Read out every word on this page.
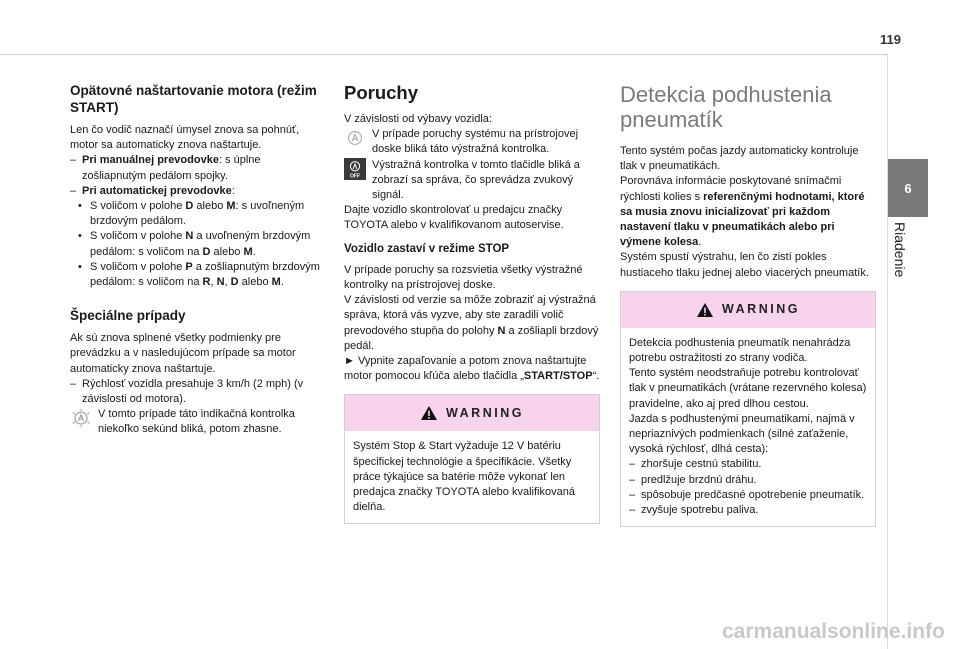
119
6
Riadenie
Opätovné naštartovanie motora (režim START)

Len čo vodič naznačí úmysel znova sa pohnúť, motor sa automaticky znova naštartuje.

– Pri manuálnej prevodovke: s úplne zošliapnutým pedálom spojky.
– Pri automatickej prevodovke:
• S voličom v polohe D alebo M: s uvoľneným brzdovým pedálom.
• S voličom v polohe N a uvoľneným brzdovým pedálom: s voličom na D alebo M.
• S voličom v polohe P a zošliapnutým brzdovým pedálom: s voličom na R, N, D alebo M.
Špeciálne prípady

Ak sú znova splnené všetky podmienky pre prevádzku a v nasledujúcom prípade sa motor automaticky znova naštartuje.

– Rýchlosť vozidla presahuje 3 km/h (2 mph) (v závislosti od motora).
V tomto prípade táto indikačná kontrolka niekoľko sekúnd bliká, potom zhasne.
Poruchy

V závislosti od výbavy vozidla:

V prípade poruchy systému na prístrojovej doske bliká táto výstražná kontrolka.
OFF
Výstražná kontrolka v tomto tlačidle bliká a zobrazí sa správa, čo sprevádza zvukový signál.

Dajte vozidlo skontrolovať u predajcu značky TOYOTA alebo v kvalifikovanom autoservise.

Vozidlo zastaví v režime STOP

V prípade poruchy sa rozsvietia všetky výstražné kontrolky na prístrojovej doske.

V závislosti od verzie sa môže zobraziť aj výstražná správa, ktorá vás vyzve, aby ste zaradili volič prevodového stupňa do polohy N a zošliapli brzdový pedál.

► Vypnite zapaľovanie a potom znova naštartujte motor pomocou kľúča alebo tlačidla „START/STOP“.

WARNING
Systém Stop & Start vyžaduje 12 V batériu špecifickej technológie a špecifikácie. Všetky práce týkajúce sa batérie môže vykonať len predajca značky TOYOTA alebo kvalifikovaná dielňa.
Detekcia podhustenia pneumatík

Tento systém počas jazdy automaticky kontroluje tlak v pneumatikách.

Porovnáva informácie poskytované snímačmi rýchlosti kolies s referenčnými hodnotami, ktoré sa musia znovu inicializovať pri každom nastavení tlaku v pneumatikách alebo pri výmene kolesa.

Systém spustí výstrahu, len čo zistí pokles hustiaceho tlaku jednej alebo viacerých pneumatík.

WARNING

Detekcia podhustenia pneumatík nenahrádza potrebu ostražitosti zo strany vodiča.

Tento systém neodstraňuje potrebu kontrolovať tlak v pneumatikách (vrátane rezervného kolesa) pravidelne, ako aj pred dlhou cestou.

Jazda s podhustenými pneumatikami, najmä v nepriaznivých podmienkach (silné zaťaženie, vysoká rýchlosť, dlhá cesta):

– zhoršuje cestnú stabilitu.
– predlžuje brzdnú dráhu.
– spôsobuje predčasné opotrebenie pneumatík.
– zvyšuje spotrebu paliva.
carmanualsonline.info
